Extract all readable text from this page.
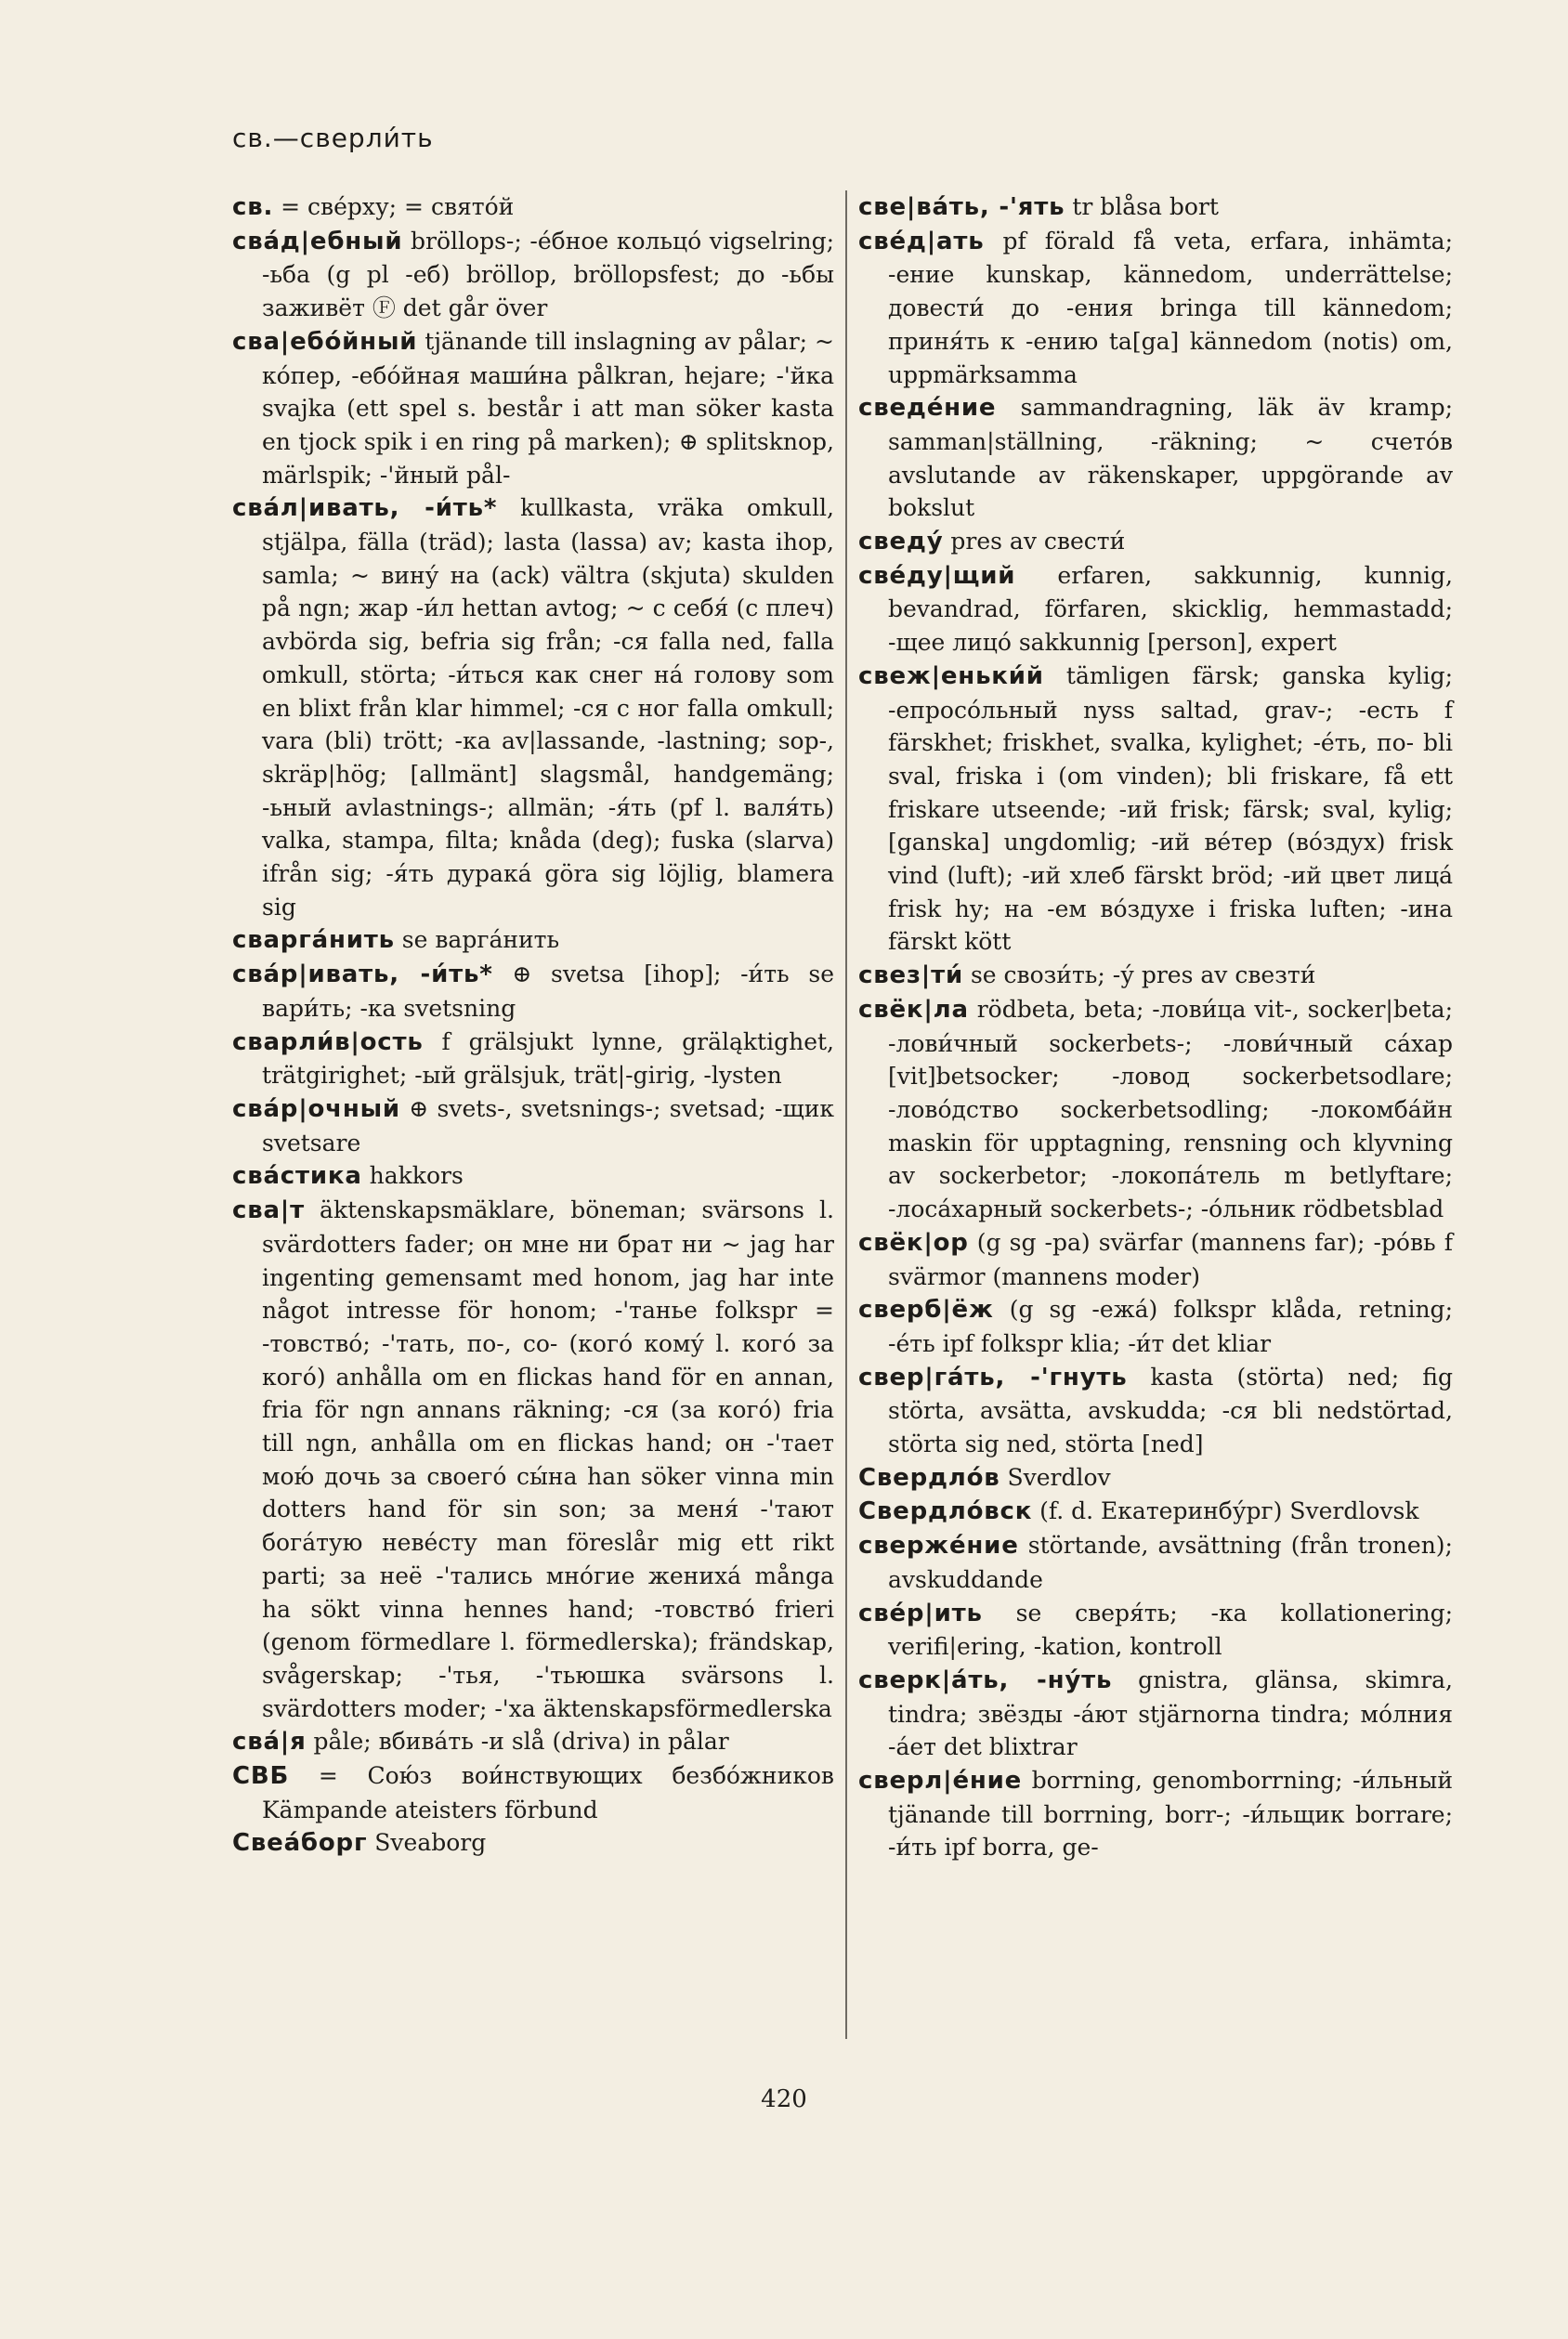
св.—сверли́ть

св. = све́рху; = свято́й

сва́д|ебный bröllops-; -е́бное кольцо́ vigselring; -ьба (g pl -еб) bröllop, bröllopsfest; до -ьбы заживёт Ⓕ det går över

сва|ебо́йный tjänande till inslagning av pålar; ~ ко́пер, -ебо́йная маши́на pålkran, hejare; -'йка svajka (ett spel s. består i att man söker kasta en tjock spik i en ring på marken); ⊕ splitsknop, märlspik; -'йный pål-

сва́л|ивать, -и́ть* kullkasta, vräka omkull, stjälpa, fälla (träd); lasta (lassa) av; kasta ihop, samla; ~ вину́ на (ack) vältra (skjuta) skulden på ngn; жар -и́л hettan avtog; ~ с себя́ (с плеч) avbörda sig, befria sig från; -ся falla ned, falla omkull, störta; -и́ться как снег на́ голову som en blixt från klar himmel; -ся с ног falla omkull; vara (bli) trött; -ка av|lassande, -lastning; sop-, skräp|hög; [allmänt] slagsmål, handgemäng; -ьный avlastnings-; allmän; -я́ть (pf l. валя́ть) valka, stampa, filta; knåda (deg); fuska (slarva) ifrån sig; -я́ть дурака́ göra sig löjlig, blamera sig

сварга́нить se варга́нить

сва́р|ивать, -и́ть* ⊕ svetsa [ihop]; -и́ть se вари́ть; -ка svetsning

сварли́в|ость f grälsjukt lynne, gräląktighet, trätgirighet; -ый grälsjuk, trät|-girig, -lysten

сва́р|очный ⊕ svets-, svetsnings-; svetsad; -щик svetsare

сва́стика hakkors

сва|т äktenskapsmäklare, böneman; svärsons l. svärdotters fader; он мне ни брат ни ~ jag har ingenting gemensamt med honom, jag har inte något intresse för honom; -'танье folkspr = -товство́; -'тать, по-, со- (кого́ кому́ l. кого́ за кого́) anhålla om en flickas hand för en annan, fria för ngn annans räkning; -ся (за кого́) fria till ngn, anhålla om en flickas hand; он -'тает мою́ дочь за своего́ сы́на han söker vinna min dotters hand för sin son; за меня́ -'тают бога́тую неве́сту man föreslår mig ett rikt parti; за неё -'тались мно́гие жениха́ många ha sökt vinna hennes hand; -товство́ frieri (genom förmedlare l. förmedlerska); frändskap, svågerskap; -'тья, -'тьюшка svärsons l. svärdotters moder; -'ха äktenskapsförmedlerska

сва́|я påle; вбива́ть -и slå (driva) in pålar

СВБ = Сою́з вои́нствующих безбо́жников Kämpande ateisters förbund

Свеа́борг Sveaborg

све|ва́ть, -'ять tr blåsa bort

све́д|ать pf förald få veta, erfara, inhämta; -ение kunskap, kännedom, underrättelse; довести́ до -ения bringa till kännedom; приня́ть к -ению ta[ga] kännedom (notis) om, uppmärksamma

сведе́ние sammandragning, läk äv kramp; samman|ställning, -räkning; ~ счето́в avslutande av räkenskaper, uppgörande av bokslut

сведу́ pres av свести́

све́ду|щий erfaren, sakkunnig, kunnig, bevandrad, förfaren, skicklig, hemmastadd; -щее лицо́ sakkunnig [person], expert

свеж|еньки́й tämligen färsk; ganska kylig; -епросо́льный nyss saltad, grav-; -есть f färskhet; friskhet, svalka, kylighet; -е́ть, по- bli sval, friska i (om vinden); bli friskare, få ett friskare utseende; -ий frisk; färsk; sval, kylig; [ganska] ungdomlig; -ий ве́тер (во́здух) frisk vind (luft); -ий хлеб färskt bröd; -ий цвет лица́ frisk hy; на -ем во́здухе i friska luften; -ина färskt kött

свез|ти́ se свози́ть; -у́ pres av свезти́

свёк|ла rödbeta, beta; -лови́ца vit-, socker|beta; -лови́чный sockerbets-; -лови́чный са́хар [vit]betsocker; -ловод sockerbetsodlare; -лово́дство sockerbetsodling; -локомба́йн maskin för upptagning, rensning och klyvning av sockerbetor; -локопа́тель m betlyftare; -лоса́харный sockerbets-; -о́льник rödbetsblad

свёк|ор (g sg -pa) svärfar (mannens far); -ро́вь f svärmor (mannens moder)

сверб|ёж (g sg -ежа́) folkspr klåda, retning; -е́ть ipf folkspr klia; -и́т det kliar

свер|га́ть, -'гнуть kasta (störta) ned; fig störta, avsätta, avskudda; -ся bli nedstörtad, störta sig ned, störta [ned]

Свердло́в Sverdlov

Свердло́вск (f. d. Екатеринбу́рг) Sverdlovsk

сверже́ние störtande, avsättning (från tronen); avskuddande

све́р|ить se сверя́ть; -ка kollationering; verifi|ering, -kation, kontroll

сверк|а́ть, -ну́ть gnistra, glänsa, skimra, tindra; звёзды -а́ют stjärnorna tindra; мо́лния -а́ет det blixtrar

сверл|е́ние borrning, genomborrning; -и́льный tjänande till borrning, borr-; -и́льщик borrare; -и́ть ipf borra, ge-

420
